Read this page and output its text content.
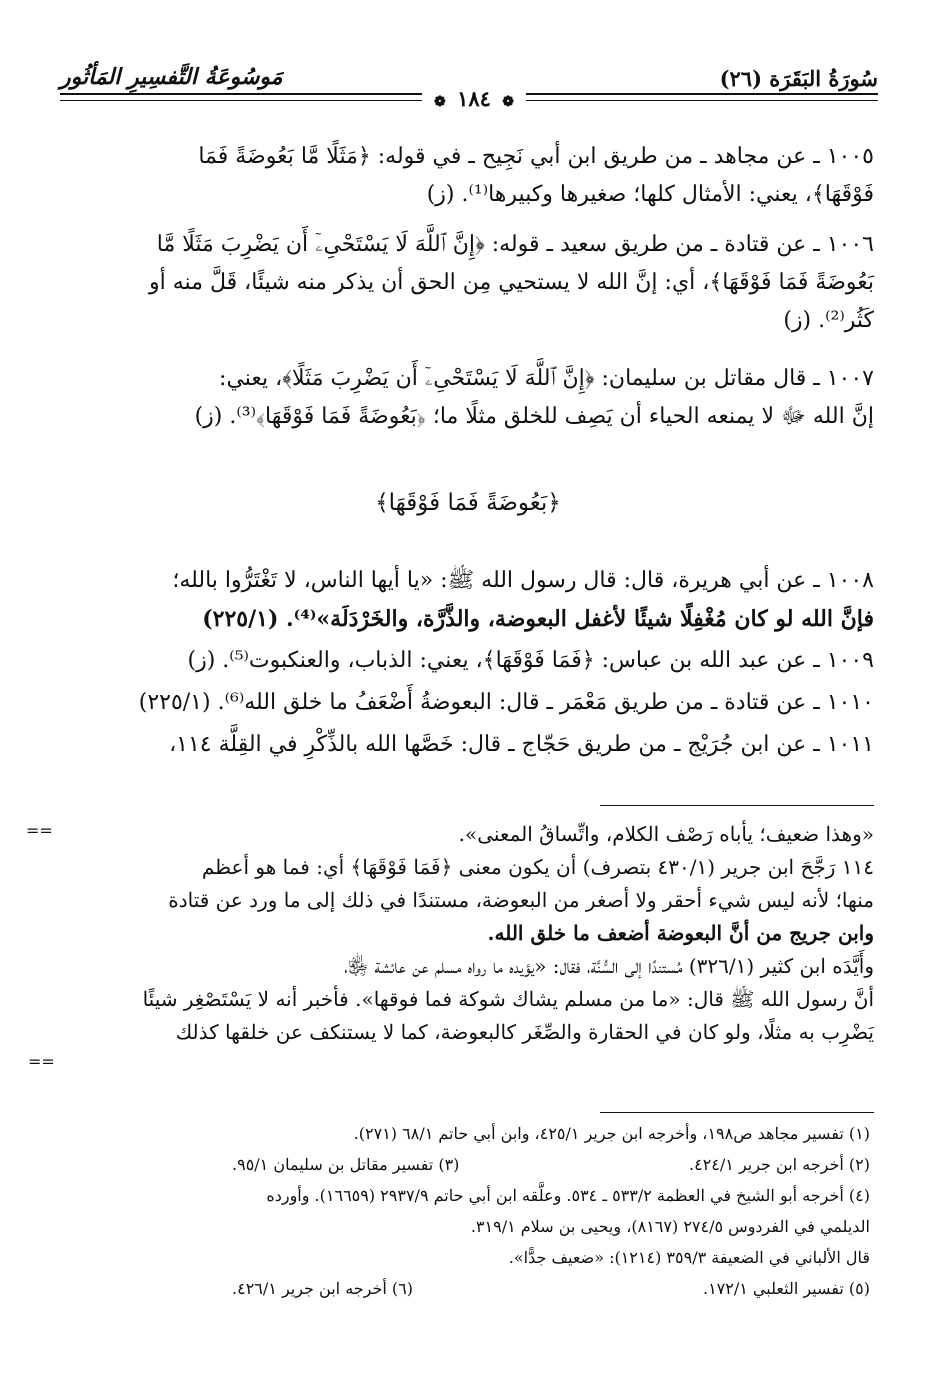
سُورَةُ البَقَرَة (٢٦)
مَوسُوعَةُ التَّفسِيرِ المَأثُور
❁ ١٨٤ ❁

١٠٠٥ ـ عن مجاهد ـ من طريق ابن أبي نَجِيح ـ في قوله: ﴿مَثَلًا مَّا بَعُوضَةً فَمَا

فَوْقَهَا﴾، يعني: الأمثال كلها؛ صغيرها وكبيرها⁽¹⁾. (ز)

١٠٠٦ ـ عن قتادة ـ من طريق سعيد ـ قوله: ﴿إِنَّ ٱللَّهَ لَا يَسْتَحْىِۦٓ أَن يَضْرِبَ مَثَلًا مَّا

بَعُوضَةً فَمَا فَوْقَهَا﴾، أي: إنَّ الله لا يستحيي مِن الحق أن يذكر منه شيئًا، قَلَّ منه أو

كَثُر⁽²⁾. (ز)

١٠٠٧ ـ قال مقاتل بن سليمان: ﴿إِنَّ ٱللَّهَ لَا يَسْتَحْىِۦٓ أَن يَضْرِبَ مَثَلًا﴾، يعني:

إنَّ الله ﷻ لا يمنعه الحياء أن يَصِف للخلق مثلًا ما؛ ﴿بَعُوضَةً فَمَا فَوْقَهَا﴾⁽³⁾. (ز)

﴿بَعُوضَةً فَمَا فَوْقَهَا﴾

١٠٠٨ ـ عن أبي هريرة، قال: قال رسول الله ﷺ: «يا أيها الناس، لا تَغْتَرُّوا بالله؛

فإنَّ الله لو كان مُغْفِلًا شيئًا لأغفل البعوضة، والذَّرَّة، والخَرْدَلَة»⁽⁴⁾. (٢٢٥/١)

١٠٠٩ ـ عن عبد الله بن عباس: ﴿فَمَا فَوْقَهَا﴾، يعني: الذباب، والعنكبوت⁽⁵⁾. (ز)

١٠١٠ ـ عن قتادة ـ من طريق مَعْمَر ـ قال: البعوضةُ أَضْعَفُ ما خلق الله⁽⁶⁾. (٢٢٥/١)

١٠١١ ـ عن ابن جُرَيْج ـ من طريق حَجّاج ـ قال: خَصَّها الله بالذِّكْرِ في القِلَّة ١١٤،

==	«وهذا ضعيف؛ يأباه رَصْف الكلام، واتِّساقُ المعنى».

١١٤ رَجَّحَ ابن جرير (٤٣٠/١ بتصرف) أن يكون معنى ﴿فَمَا فَوْقَهَا﴾ أي: فما هو أعظم

منها؛ لأنه ليس شيء أحقر ولا أصغر من البعوضة، مستندًا في ذلك إلى ما ورد عن قتادة

وابن جريج من أنَّ البعوضة أضعف ما خلق الله.

وأَيَّدَه ابن كثير (٣٢٦/١) مُستندًا إلى السُّنَّة، فقال: «يؤيده ما رواه مسلم عن عائشة ﵂،

أنَّ رسول الله ﷺ قال: «ما من مسلم يشاك شوكة فما فوقها». فأخبر أنه لا يَسْتَصْغِر شيئًا

يَضْرِب به مثلًا، ولو كان في الحقارة والصِّغَر كالبعوضة، كما لا يستنكف عن خلقها كذلك

==
(١) تفسير مجاهد ص١٩٨، وأخرجه ابن جرير ٤٢٥/١، وابن أبي حاتم ٦٨/١ (٢٧١).
(٢) أخرجه ابن جرير ٤٢٤/١.
(٣) تفسير مقاتل بن سليمان ٩٥/١.
(٤) أخرجه أبو الشيخ في العظمة ٥٣٣/٢ ـ ٥٣٤. وعلَّقه ابن أبي حاتم ٢٩٣٧/٩ (١٦٦٥٩). وأورده
الديلمي في الفردوس ٢٧٤/٥ (٨١٦٧)، ويحيى بن سلام ٣١٩/١.
قال الألباني في الضعيفة ٣٥٩/٣ (١٢١٤): «ضعيف جدًّا».
(٥) تفسير الثعلبي ١٧٢/١.
(٦) أخرجه ابن جرير ٤٢٦/١.
